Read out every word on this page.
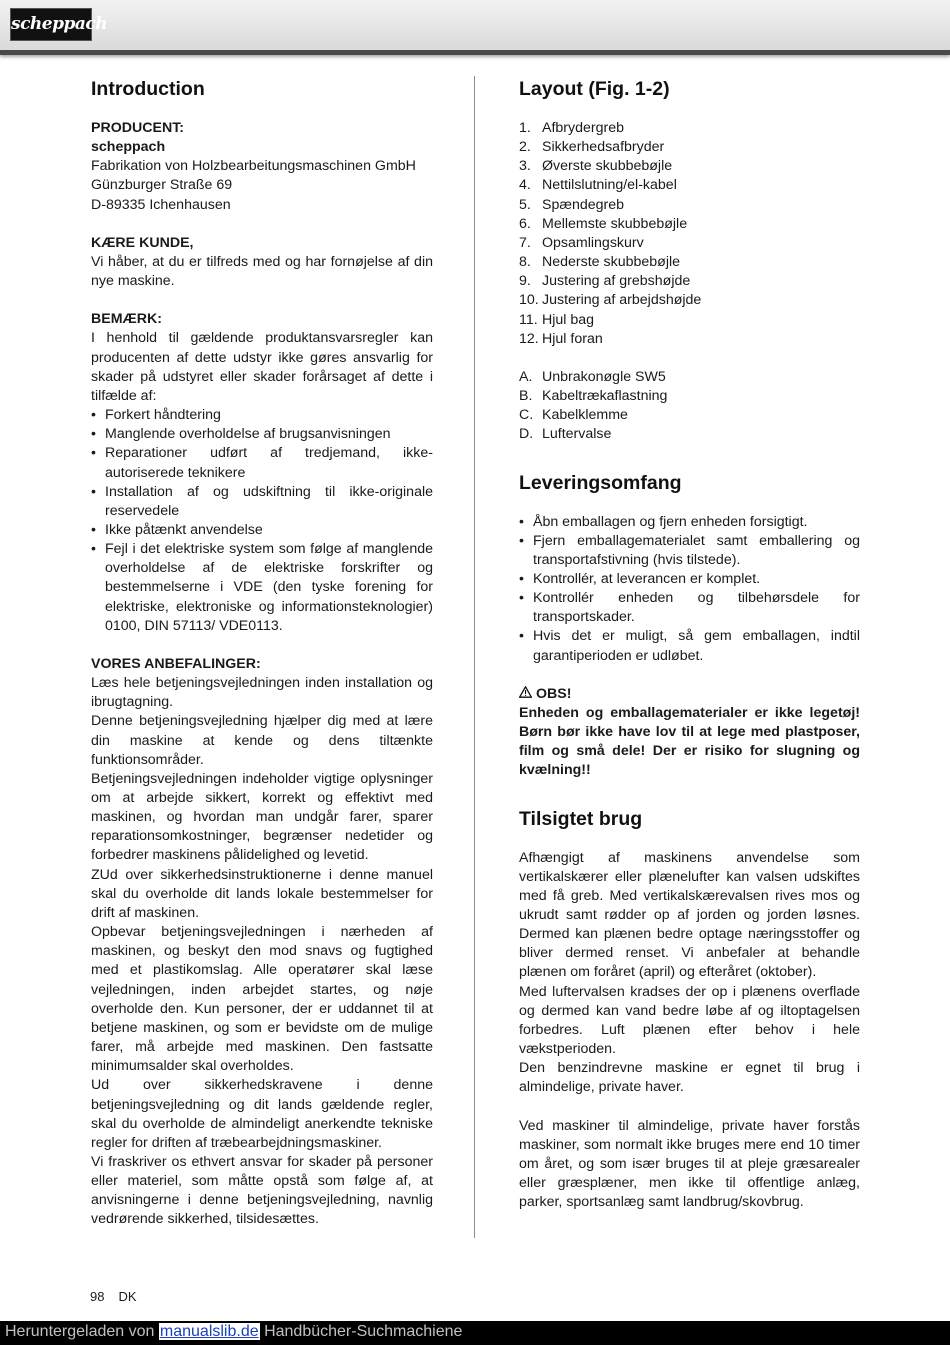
scheppach
Introduction

PRODUCENT:

scheppach

Fabrikation von Holzbearbeitungsmaschinen GmbH

Günzburger Straße 69

D-89335 Ichenhausen

KÆRE KUNDE,

Vi håber, at du er tilfreds med og har fornøjelse af din nye maskine.

BEMÆRK:

I henhold til gældende produktansvarsregler kan producenten af dette udstyr ikke gøres ansvarlig for skader på udstyret eller skader forårsaget af dette i tilfælde af:

• Forkert håndtering
• Manglende overholdelse af brugsanvisningen
• Reparationer udført af tredjemand, ikke-autoriserede teknikere
• Installation af og udskiftning til ikke-originale reservedele
• Ikke påtænkt anvendelse
• Fejl i det elektriske system som følge af manglende overholdelse af de elektriske forskrifter og bestemmelserne i VDE (den tyske forening for elektriske, elektroniske og informationsteknologier) 0100, DIN 57113/ VDE0113.

VORES ANBEFALINGER:

Læs hele betjeningsvejledningen inden installation og ibrugtagning.

Denne betjeningsvejledning hjælper dig med at lære din maskine at kende og dens tiltænkte funktionsområder.

Betjeningsvejledningen indeholder vigtige oplysninger om at arbejde sikkert, korrekt og effektivt med maskinen, og hvordan man undgår farer, sparer reparationsomkostninger, begrænser nedetider og forbedrer maskinens pålidelighed og levetid.

ZUd over sikkerhedsinstruktionerne i denne manuel skal du overholde dit lands lokale bestemmelser for drift af maskinen.

Opbevar betjeningsvejledningen i nærheden af maskinen, og beskyt den mod snavs og fugtighed med et plastikomslag. Alle operatører skal læse vejledningen, inden arbejdet startes, og nøje overholde den. Kun personer, der er uddannet til at betjene maskinen, og som er bevidste om de mulige farer, må arbejde med maskinen. Den fastsatte minimumsalder skal overholdes.

Ud over sikkerhedskravene i denne betjeningsvejledning og dit lands gældende regler, skal du overholde de almindeligt anerkendte tekniske regler for driften af træbearbejdningsmaskiner.

Vi fraskriver os ethvert ansvar for skader på personer eller materiel, som måtte opstå som følge af, at anvisningerne i denne betjeningsvejledning, navnlig vedrørende sikkerhed, tilsidesættes.

Layout (Fig. 1-2)
1. Afbrydergreb
2. Sikkerhedsafbryder
3. Øverste skubbebøjle
4. Nettilslutning/el-kabel
5. Spændegreb
6. Mellemste skubbebøjle
7. Opsamlingskurv
8. Nederste skubbebøjle
9. Justering af grebshøjde
10. Justering af arbejdshøjde
11. Hjul bag
12. Hjul foran
A. Unbrakonøgle SW5
B. Kabeltrækaflastning
C. Kabelklemme
D. Luftervalse
Leveringsomfang
• Åbn emballagen og fjern enheden forsigtigt.
• Fjern emballagematerialet samt emballering og transportafstivning (hvis tilstede).
• Kontrollér, at leverancen er komplet.
• Kontrollér enheden og tilbehørsdele for transportskader.
• Hvis det er muligt, så gem emballagen, indtil garantiperioden er udløbet.

OBS!

Enheden og emballagematerialer er ikke legetøj! Børn bør ikke have lov til at lege med plastposer, film og små dele! Der er risiko for slugning og kvælning!!

Tilsigtet brug

Afhængigt af maskinens anvendelse som vertikalskærer eller plænelufter kan valsen udskiftes med få greb. Med vertikalskærevalsen rives mos og ukrudt samt rødder op af jorden og jorden løsnes. Dermed kan plænen bedre optage næringsstoffer og bliver dermed renset. Vi anbefaler at behandle plænen om foråret (april) og efteråret (oktober).

Med luftervalsen kradses der op i plænens overflade og dermed kan vand bedre løbe af og iltoptagelsen forbedres. Luft plænen efter behov i hele vækstperioden.

Den benzindrevne maskine er egnet til brug i almindelige, private haver.

Ved maskiner til almindelige, private haver forstås maskiner, som normalt ikke bruges mere end 10 timer om året, og som især bruges til at pleje græsarealer eller græsplæner, men ikke til offentlige anlæg, parker, sportsanlæg samt landbrug/skovbrug.

98 DK
Heruntergeladen von manualslib.de Handbücher-Suchmachiene
